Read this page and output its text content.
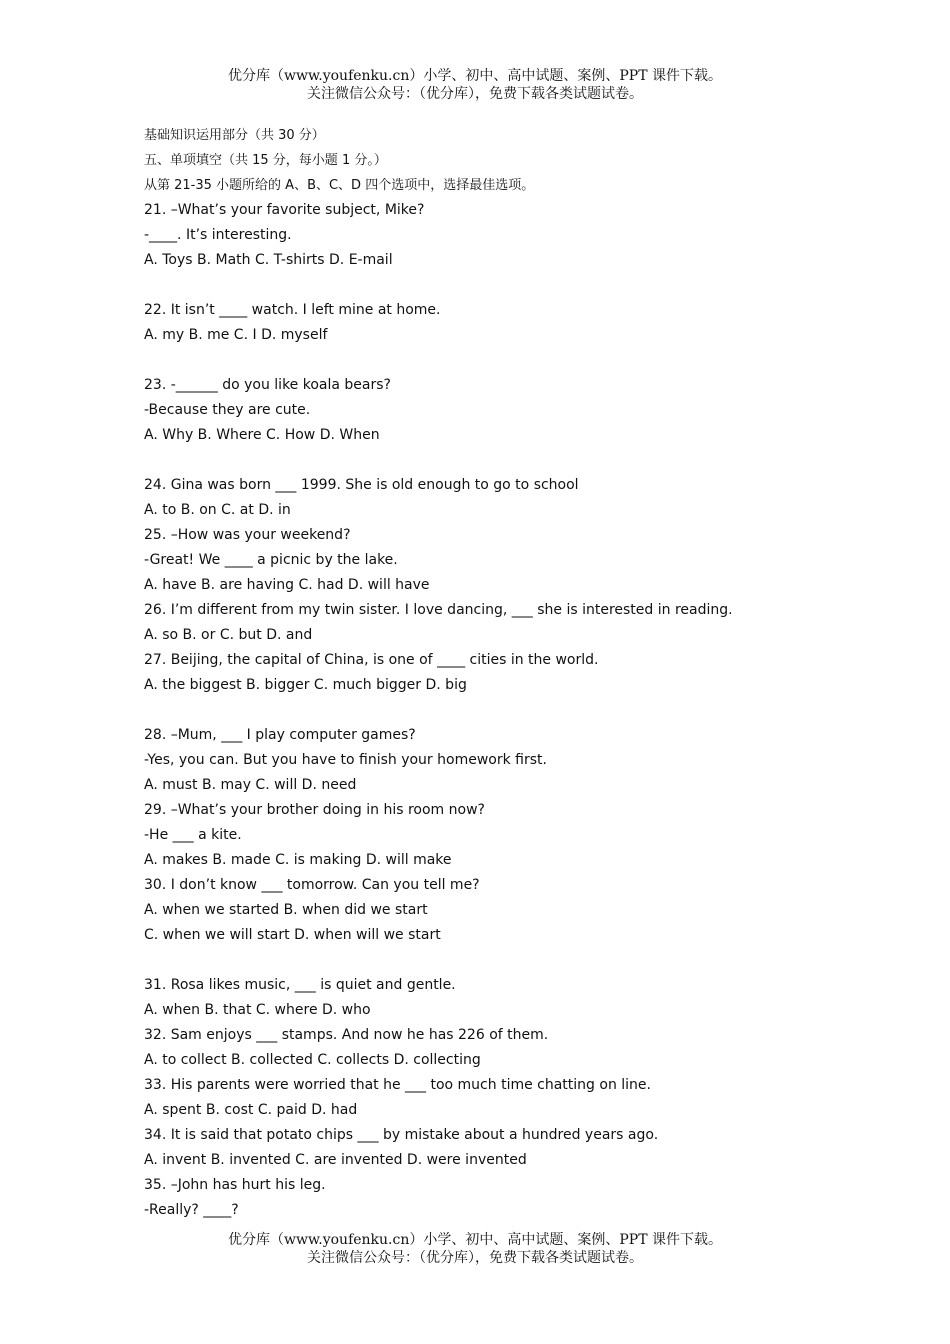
优分库（www.youfenku.cn）小学、初中、高中试题、案例、PPT 课件下载。
关注微信公众号：（优分库），免费下载各类试题试卷。
基础知识运用部分（共 30 分）
五、单项填空（共 15 分，每小题 1 分。）
从第 21-35 小题所给的 A、B、C、D 四个选项中，选择最佳选项。
21. –What’s your favorite subject, Mike?
-____. It’s interesting.
A. Toys B. Math C. T-shirts D. E-mail
22. It isn’t ____ watch. I left mine at home.
A. my B. me C. I D. myself
23. -______ do you like koala bears?
-Because they are cute.
A. Why B. Where C. How D. When
24. Gina was born ___ 1999. She is old enough to go to school
A. to B. on C. at D. in
25. –How was your weekend?
-Great! We ____ a picnic by the lake.
A. have B. are having C. had D. will have
26. I’m different from my twin sister. I love dancing, ___ she is interested in reading.
A. so B. or C. but D. and
27. Beijing, the capital of China, is one of ____ cities in the world.
A. the biggest B. bigger C. much bigger D. big
28. –Mum, ___ I play computer games?
-Yes, you can. But you have to finish your homework first.
A. must B. may C. will D. need
29. –What’s your brother doing in his room now?
-He ___ a kite.
A. makes B. made C. is making D. will make
30. I don’t know ___ tomorrow. Can you tell me?
A. when we started B. when did we start
C. when we will start D. when will we start
31. Rosa likes music, ___ is quiet and gentle.
A. when B. that C. where D. who
32. Sam enjoys ___ stamps. And now he has 226 of them.
A. to collect B. collected C. collects D. collecting
33. His parents were worried that he ___ too much time chatting on line.
A. spent B. cost C. paid D. had
34. It is said that potato chips ___ by mistake about a hundred years ago.
A. invent B. invented C. are invented D. were invented
35. –John has hurt his leg.
-Really? ____?
优分库（www.youfenku.cn）小学、初中、高中试题、案例、PPT 课件下载。
关注微信公众号：（优分库），免费下载各类试题试卷。
